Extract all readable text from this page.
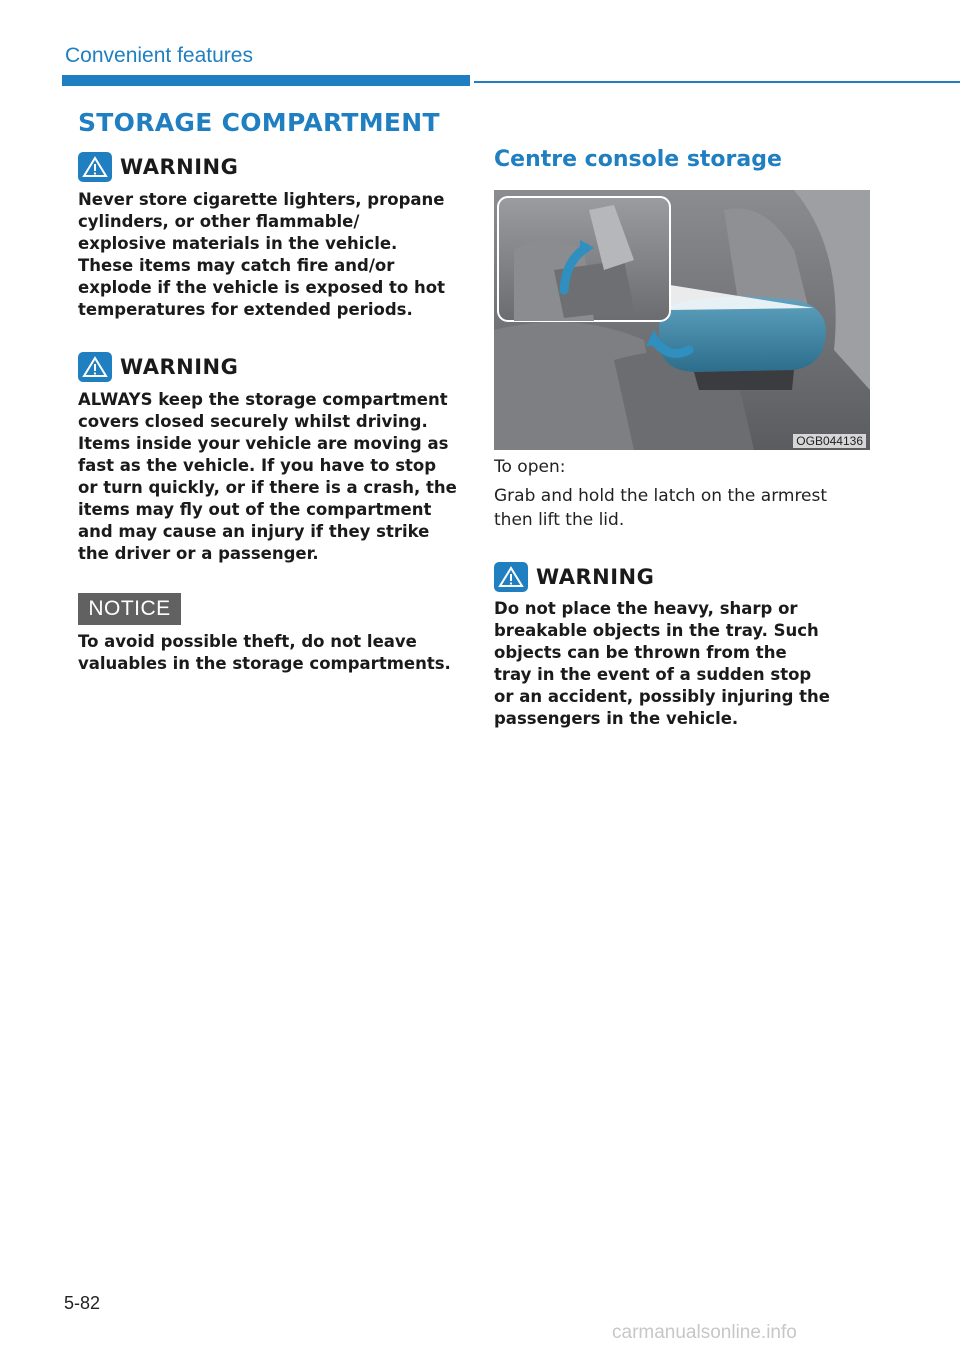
Convenient features
STORAGE COMPARTMENT
WARNING
Never store cigarette lighters, propane
cylinders, or other flammable/
explosive materials in the vehicle.
These items may catch fire and/or
explode if the vehicle is exposed to hot
temperatures for extended periods.
WARNING
ALWAYS keep the storage compartment
covers closed securely whilst driving.
Items inside your vehicle are moving as
fast as the vehicle. If you have to stop
or turn quickly, or if there is a crash, the
items may fly out of the compartment
and may cause an injury if they strike
the driver or a passenger.
NOTICE
To avoid possible theft, do not leave
valuables in the storage compartments.
Centre console storage
OGB044136
To open:
Grab and hold the latch on the armrest
then lift the lid.
WARNING
Do not place the heavy, sharp or
breakable objects in the tray. Such
objects can be thrown from the
tray in the event of a sudden stop
or an accident, possibly injuring the
passengers in the vehicle.
5-82
carmanualsonline.info
